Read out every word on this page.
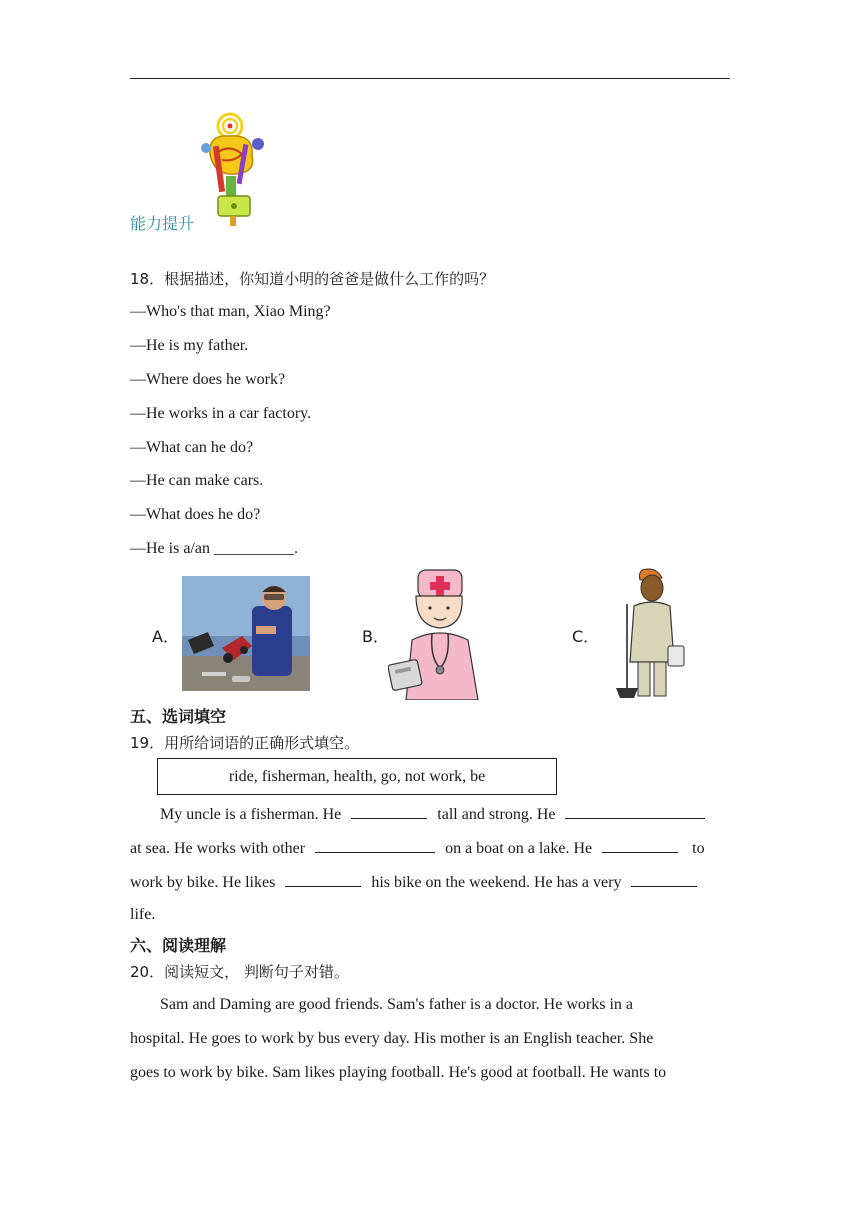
能力提升
18．根据描述，你知道小明的爸爸是做什么工作的吗？
—Who's that man, Xiao Ming?
—He is my father.
—Where does he work?
—He works in a car factory.
—What can he do?
—He can make cars.
—What does he do?
—He is a/an __________.
A．	B．	C．
五、选词填空
19．用所给词语的正确形式填空。
ride, fisherman, health, go, not work, be
My uncle is a fisherman. He	tall and strong. He
at sea. He works with other	on a boat on a lake. He	to
work by bike. He likes	his bike on the weekend. He has a very
life.
六、阅读理解
20．阅读短文， 判断句子对错。
Sam and Daming are good friends. Sam's father is a doctor. He works in a
hospital. He goes to work by bus every day. His mother is an English teacher. She
goes to work by bike. Sam likes playing football. He's good at football. He wants to
